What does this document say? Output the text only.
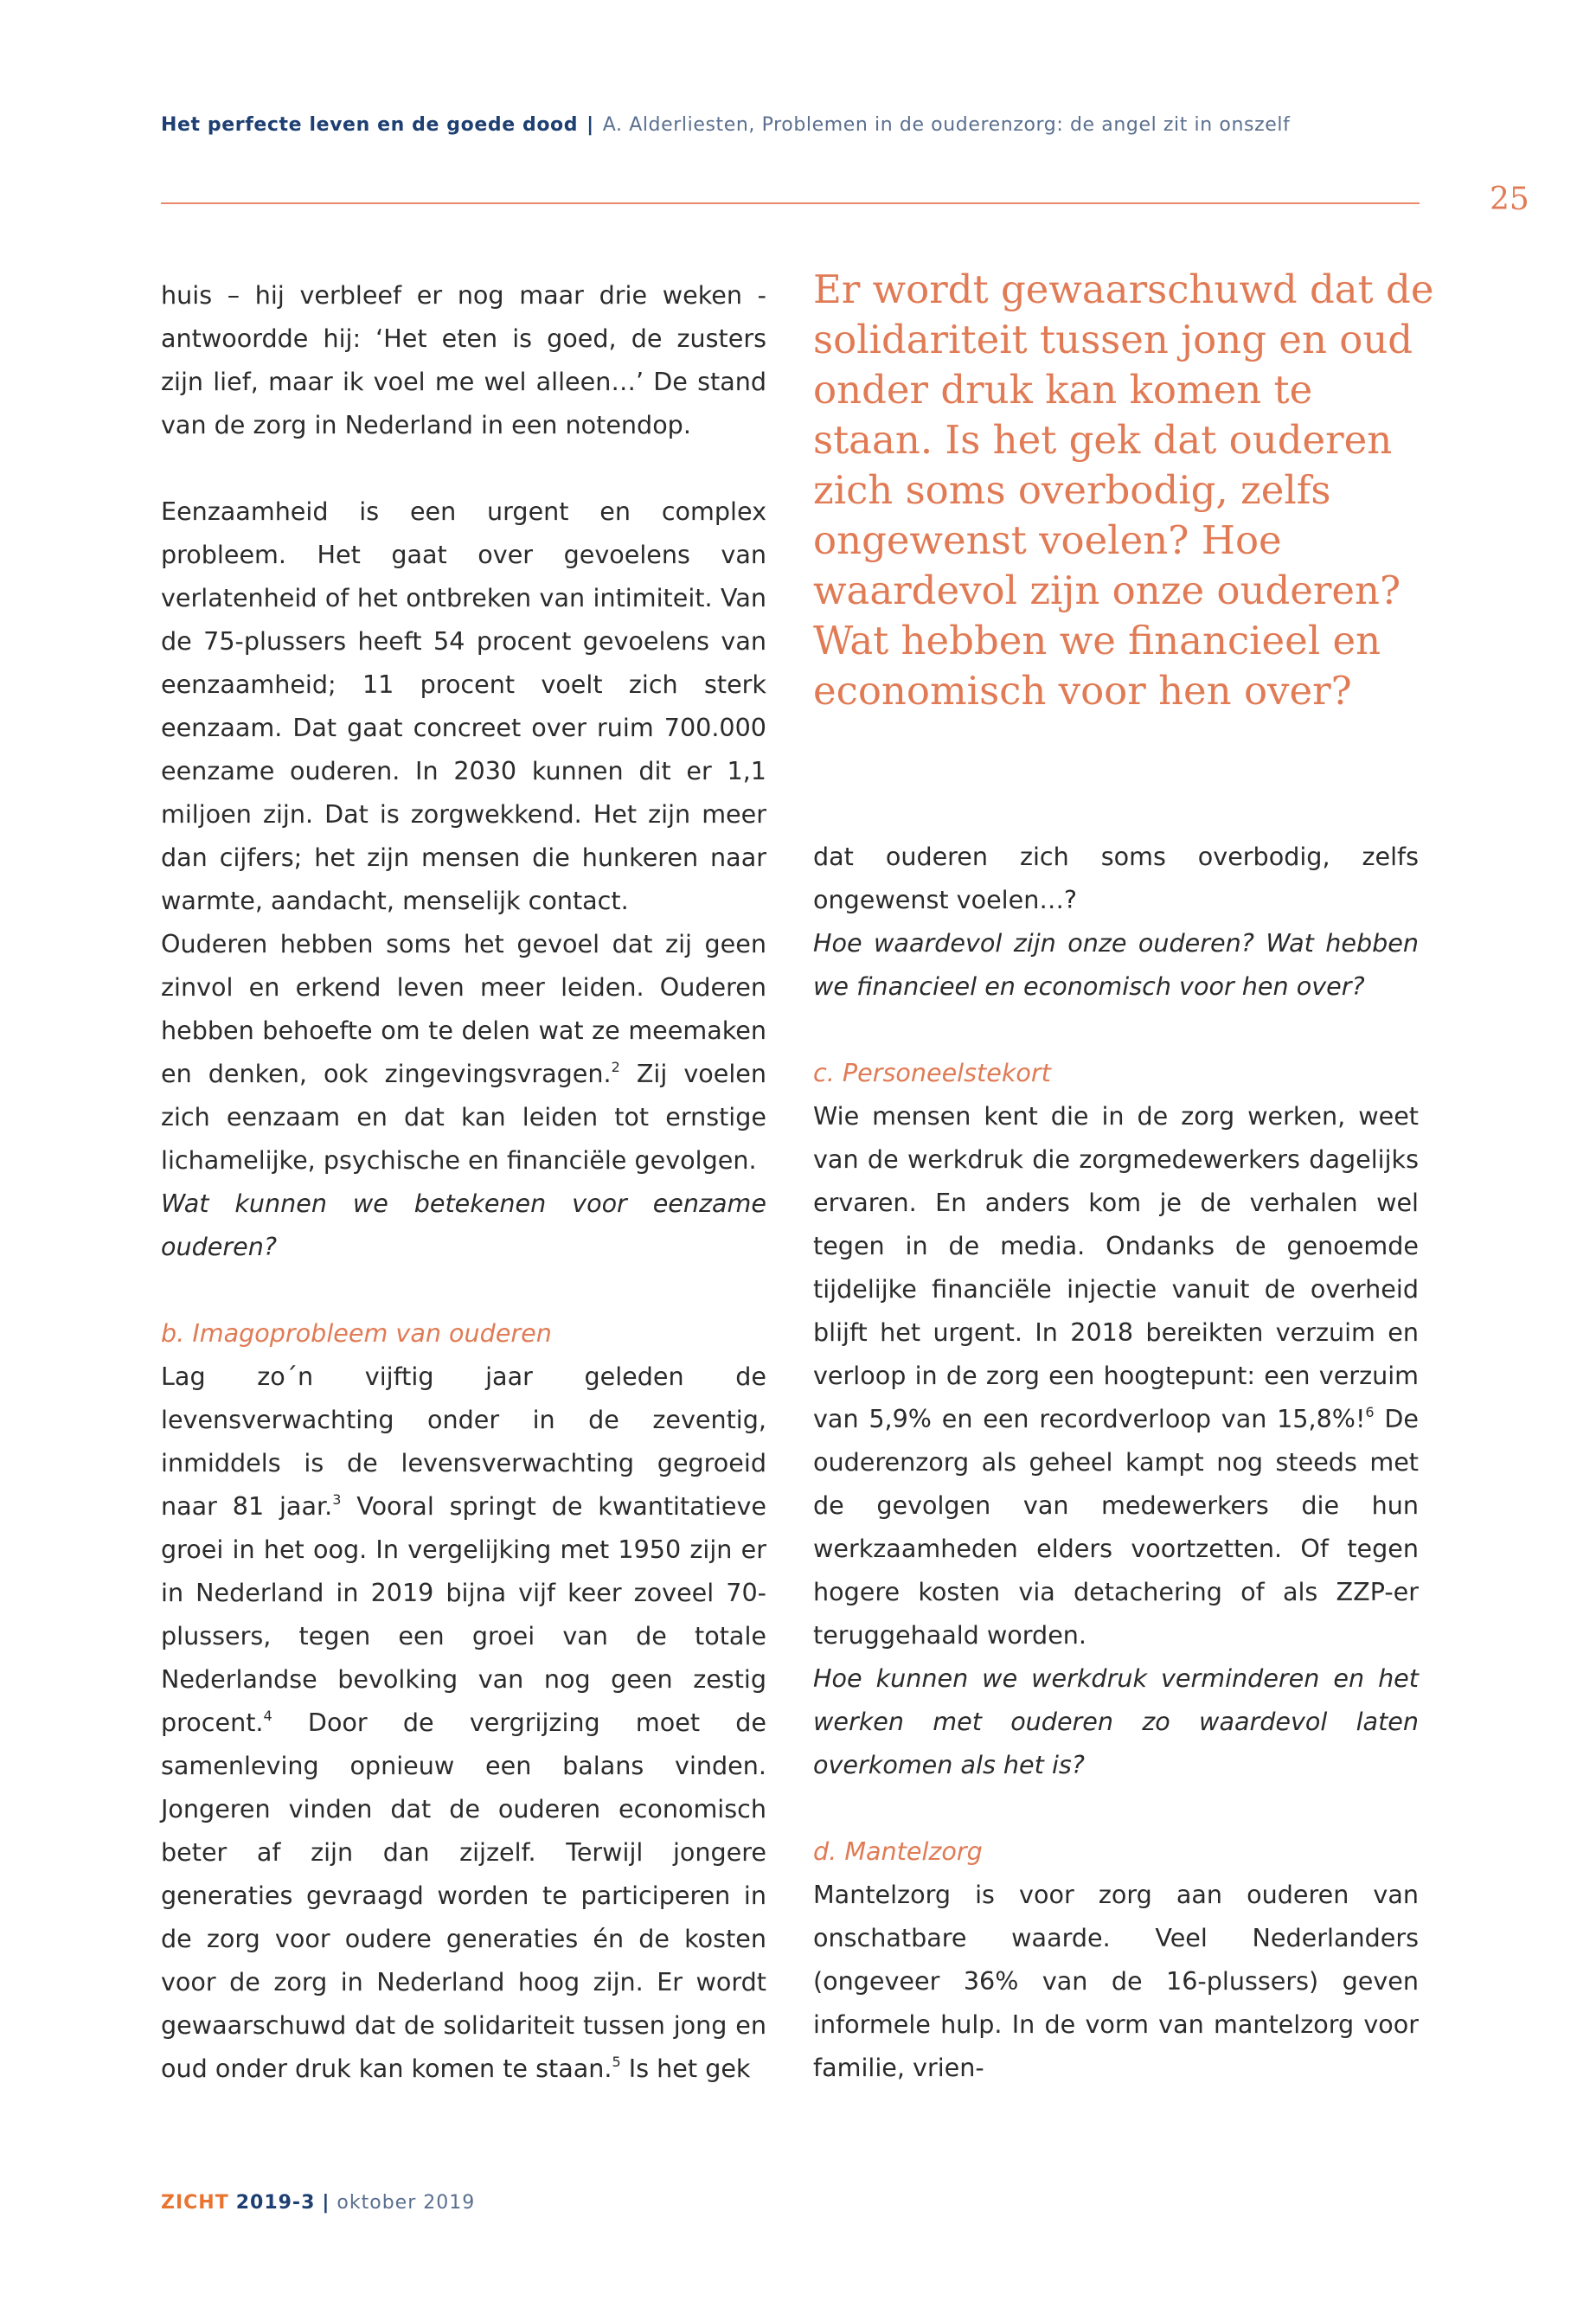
Het perfecte leven en de goede dood | A. Alderliesten, Problemen in de ouderenzorg: de angel zit in onszelf
25

huis – hij verbleef er nog maar drie weken - antwoordde hij: ‘Het eten is goed, de zusters zijn lief, maar ik voel me wel alleen…’ De stand van de zorg in Nederland in een notendop.

Eenzaamheid is een urgent en complex probleem. Het gaat over gevoelens van verlatenheid of het ontbreken van intimiteit. Van de 75-plussers heeft 54 procent gevoelens van eenzaamheid; 11 procent voelt zich sterk eenzaam. Dat gaat concreet over ruim 700.000 eenzame ouderen. In 2030 kunnen dit er 1,1 miljoen zijn. Dat is zorgwekkend. Het zijn meer dan cijfers; het zijn mensen die hunkeren naar warmte, aandacht, menselijk contact.

Ouderen hebben soms het gevoel dat zij geen zinvol en erkend leven meer leiden. Ouderen hebben behoefte om te delen wat ze meemaken en denken, ook zingevingsvragen.$^2$ Zij voelen zich eenzaam en dat kan leiden tot ernstige lichamelijke, psychische en financiële gevolgen.

Wat kunnen we betekenen voor eenzame ouderen?

b. Imagoprobleem van ouderen

Lag zo´n vijftig jaar geleden de levensverwachting onder in de zeventig, inmiddels is de levensverwachting gegroeid naar 81 jaar.$^3$ Vooral springt de kwantitatieve groei in het oog. In vergelijking met 1950 zijn er in Nederland in 2019 bijna vijf keer zoveel 70-plussers, tegen een groei van de totale Nederlandse bevolking van nog geen zestig procent.$^4$ Door de vergrijzing moet de samenleving opnieuw een balans vinden. Jongeren vinden dat de ouderen economisch beter af zijn dan zijzelf. Terwijl jongere generaties gevraagd worden te participeren in de zorg voor oudere generaties én de kosten voor de zorg in Nederland hoog zijn. Er wordt gewaarschuwd dat de solidariteit tussen jong en oud onder druk kan komen te staan.$^5$ Is het gek

Er wordt gewaarschuwd dat de solidariteit tussen jong en oud onder druk kan komen te staan. Is het gek dat ouderen zich soms overbodig, zelfs ongewenst voelen? Hoe waardevol zijn onze ouderen? Wat hebben we financieel en economisch voor hen over?

dat ouderen zich soms overbodig, zelfs ongewenst voelen…?

Hoe waardevol zijn onze ouderen? Wat hebben we financieel en economisch voor hen over?

c. Personeelstekort

Wie mensen kent die in de zorg werken, weet van de werkdruk die zorgmedewerkers dagelijks ervaren. En anders kom je de verhalen wel tegen in de media. Ondanks de genoemde tijdelijke financiële injectie vanuit de overheid blijft het urgent. In 2018 bereikten verzuim en verloop in de zorg een hoogtepunt: een verzuim van 5,9% en een recordverloop van 15,8%!$^6$ De ouderenzorg als geheel kampt nog steeds met de gevolgen van medewerkers die hun werkzaamheden elders voortzetten. Of tegen hogere kosten via detachering of als ZZP-er teruggehaald worden.

Hoe kunnen we werkdruk verminderen en het werken met ouderen zo waardevol laten overkomen als het is?

d. Mantelzorg

Mantelzorg is voor zorg aan ouderen van onschatbare waarde. Veel Nederlanders (ongeveer 36% van de 16-plussers) geven informele hulp. In de vorm van mantelzorg voor familie, vrien-

ZICHT 2019-3 | oktober 2019
